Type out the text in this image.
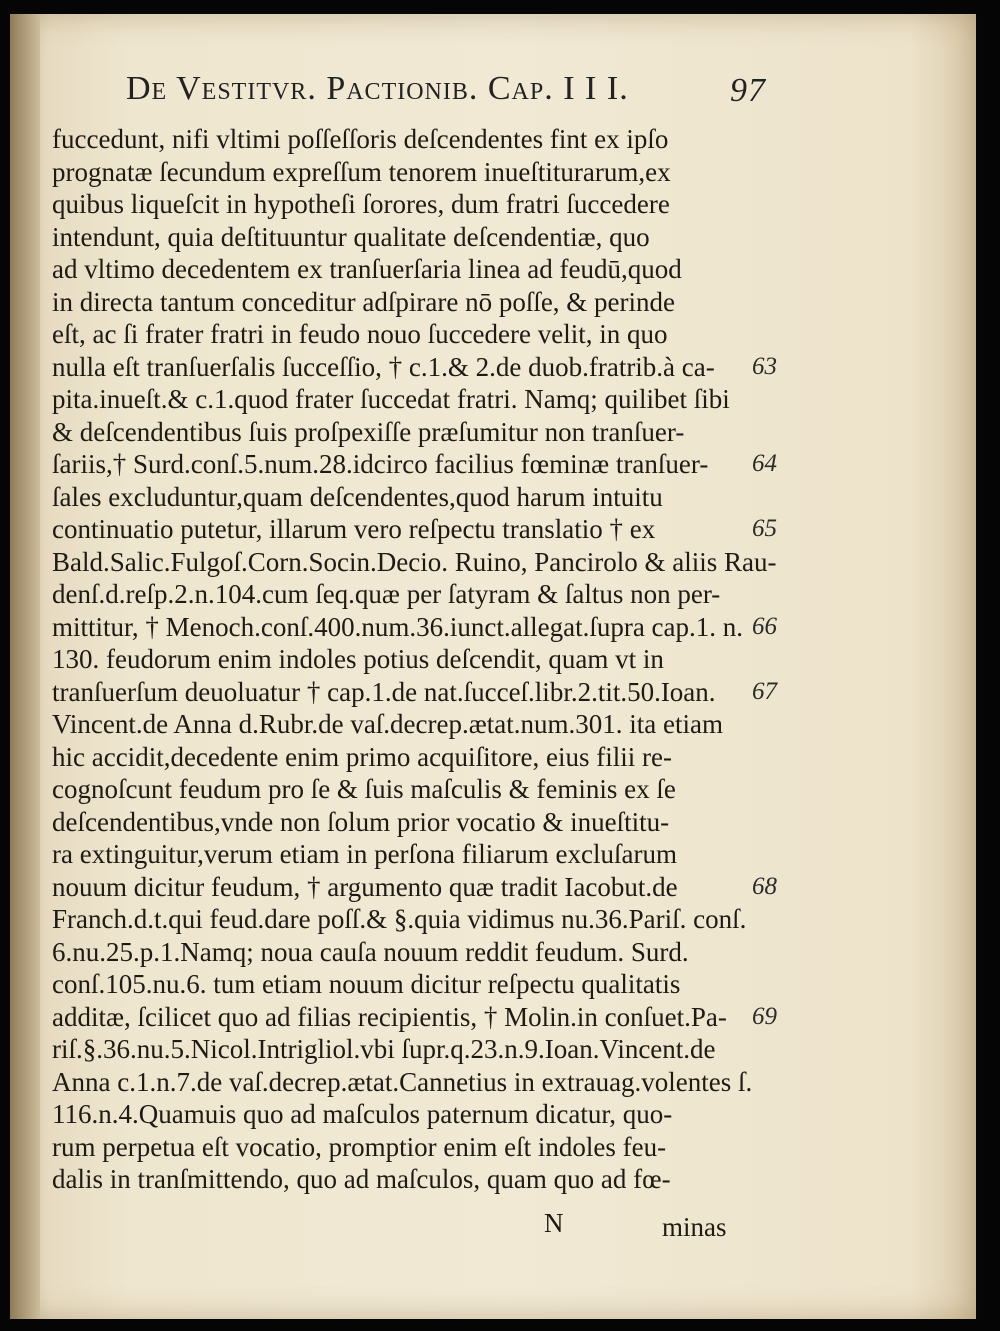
De Vestitvr. Pactionib. Cap. I I I.	97
fuccedunt, nifi vltimi poſſeſſoris deſcendentes fint ex ipſo
prognatæ ſecundum expreſſum tenorem inueſtiturarum,ex
quibus liqueſcit in hypotheſi ſorores, dum fratri ſuccedere
intendunt, quia deſtituuntur qualitate deſcendentiæ, quo
ad vltimo decedentem ex tranſuerſaria linea ad feudū,quod
in directa tantum conceditur adſpirare nō poſſe, & perinde
eſt, ac ſi frater fratri in feudo nouo ſuccedere velit, in quo
nulla eſt tranſuerſalis ſucceſſio, † c.1.& 2.de duob.fratrib.à ca-
pita.inueſt.& c.1.quod frater ſuccedat fratri. Namq; quilibet ſibi
& deſcendentibus ſuis proſpexiſſe præſumitur non tranſuer-
ſariis,† Surd.conſ.5.num.28.idcirco facilius fœminæ tranſuer-
ſales excluduntur,quam deſcendentes,quod harum intuitu
continuatio putetur, illarum vero reſpectu translatio † ex
Bald.Salic.Fulgoſ.Corn.Socin.Decio. Ruino, Pancirolo & aliis Rau-
denſ.d.reſp.2.n.104.cum ſeq.quæ per ſatyram & ſaltus non per-
mittitur, † Menoch.conſ.400.num.36.iunct.allegat.ſupra cap.1. n.
130. feudorum enim indoles potius deſcendit, quam vt in
tranſuerſum deuoluatur † cap.1.de nat.ſucceſ.libr.2.tit.50.Ioan.
Vincent.de Anna d.Rubr.de vaſ.decrep.ætat.num.301. ita etiam
hic accidit,decedente enim primo acquiſitore, eius filii re-
cognoſcunt feudum pro ſe & ſuis maſculis & feminis ex ſe
deſcendentibus,vnde non ſolum prior vocatio & inueſtitu-
ra extinguitur,verum etiam in perſona filiarum excluſarum
nouum dicitur feudum, † argumento quæ tradit Iacobut.de
Franch.d.t.qui feud.dare poſſ.& §.quia vidimus nu.36.Pariſ. conſ.
6.nu.25.p.1.Namq; noua cauſa nouum reddit feudum. Surd.
conſ.105.nu.6. tum etiam nouum dicitur reſpectu qualitatis
additæ, ſcilicet quo ad filias recipientis, † Molin.in conſuet.Pa-
riſ.§.36.nu.5.Nicol.Intrigliol.vbi ſupr.q.23.n.9.Ioan.Vincent.de
Anna c.1.n.7.de vaſ.decrep.ætat.Cannetius in extrauag.volentes ſ.
116.n.4.Quamuis quo ad maſculos paternum dicatur, quo-
rum perpetua eſt vocatio, promptior enim eſt indoles feu-
dalis in tranſmittendo, quo ad maſculos, quam quo ad fœ-
63
64
65
66
67
68
69
N	minas
